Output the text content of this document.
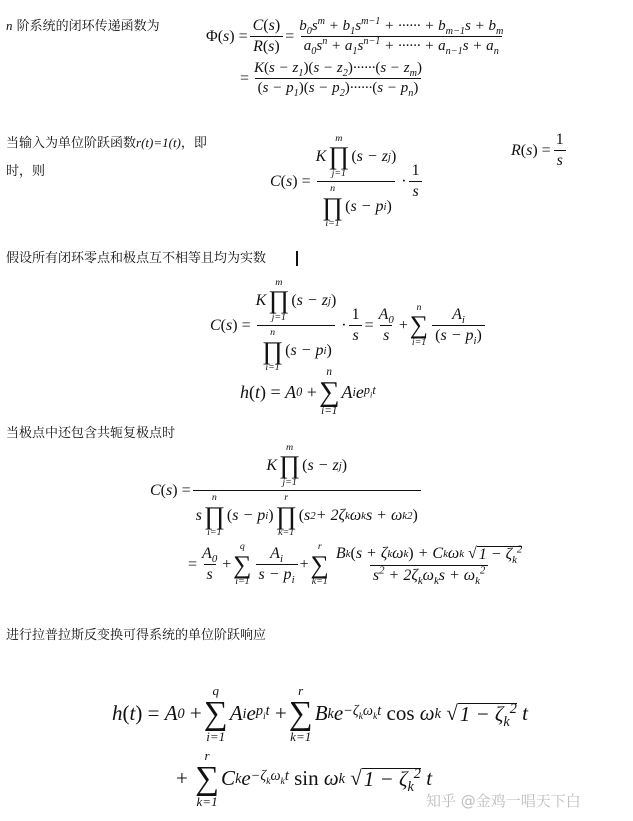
n 阶系统的闭环传递函数为
Φ ( s )
= $\frac{C(s)}{R(s)} = \frac{b_0s^m + b_1s^{m-1} + \cdot\cdot\cdot\cdot\cdot\cdot + b_{m-1}s + b_m}{a_0s^n + a_1s^{n-1} + \cdot\cdot\cdot\cdot\cdot\cdot + a_{n-1}s + a_n}$
= $\frac{K(s - z_1)(s - z_2)\cdot\cdot\cdot\cdot\cdot\cdot(s - z_m)}{(s - p_1)(s - p_2)\cdot\cdot\cdot\cdot\cdot\cdot(s - p_n)}$
当输入为单位阶跃函数r(t)=1(t)，即
时，则
C ( s )
= K
m
∏
j=1
( s − z j )
n
∏
i=1
( s − p i ) · $\frac{1}{s}$
R ( s )
= $\frac{1}{s}$
假设所有闭环零点和极点互不相等且均为实数
C ( s )
= K
m
∏
j=1
( s − z j )
n
∏
i=1
( s − p i ) · $\frac{1}{s} = \frac{A_0}{s}$ +
n
∑
$i=1 \frac{A_i}{(s - p_i)}$
h ( t )
= A 0
+
n
∑
i=1
A i e $p_it$
当极点中还包含共轭复极点时
C ( s )
= K
m
∏
j=1
( s − z j )
s
n
∏
i=1
( s − p i )
r
∏
k=1
( s 2 + 2ζ k ω k s + ω k 2 )
= $\frac{A_0}{s}$ +
q
∑
$i=1 \frac{A_i}{s - p_i}$ +
r
∑
k=1 B k ( s + ζ k ω k ) + C k ω k
√ $1 - \zeta_k^2$
$s^2 + 2\zeta_k\omega_ks + \omega_k^2$
进行拉普拉斯反变换可得系统的单位阶跃响应
h ( t )
= A 0
+
q
∑
i=1
A i e $p_it$
+
r
∑
k=1
B k $e -\zeta_k\omega_kt$
cos ω k
√ $1 - \zeta_k^2$ t
+

r
∑
k=1
C k $e -\zeta_k\omega_kt$
sin ω k
√ $1 - \zeta_k^2$ t
知乎 @金鸡一唱天下白
